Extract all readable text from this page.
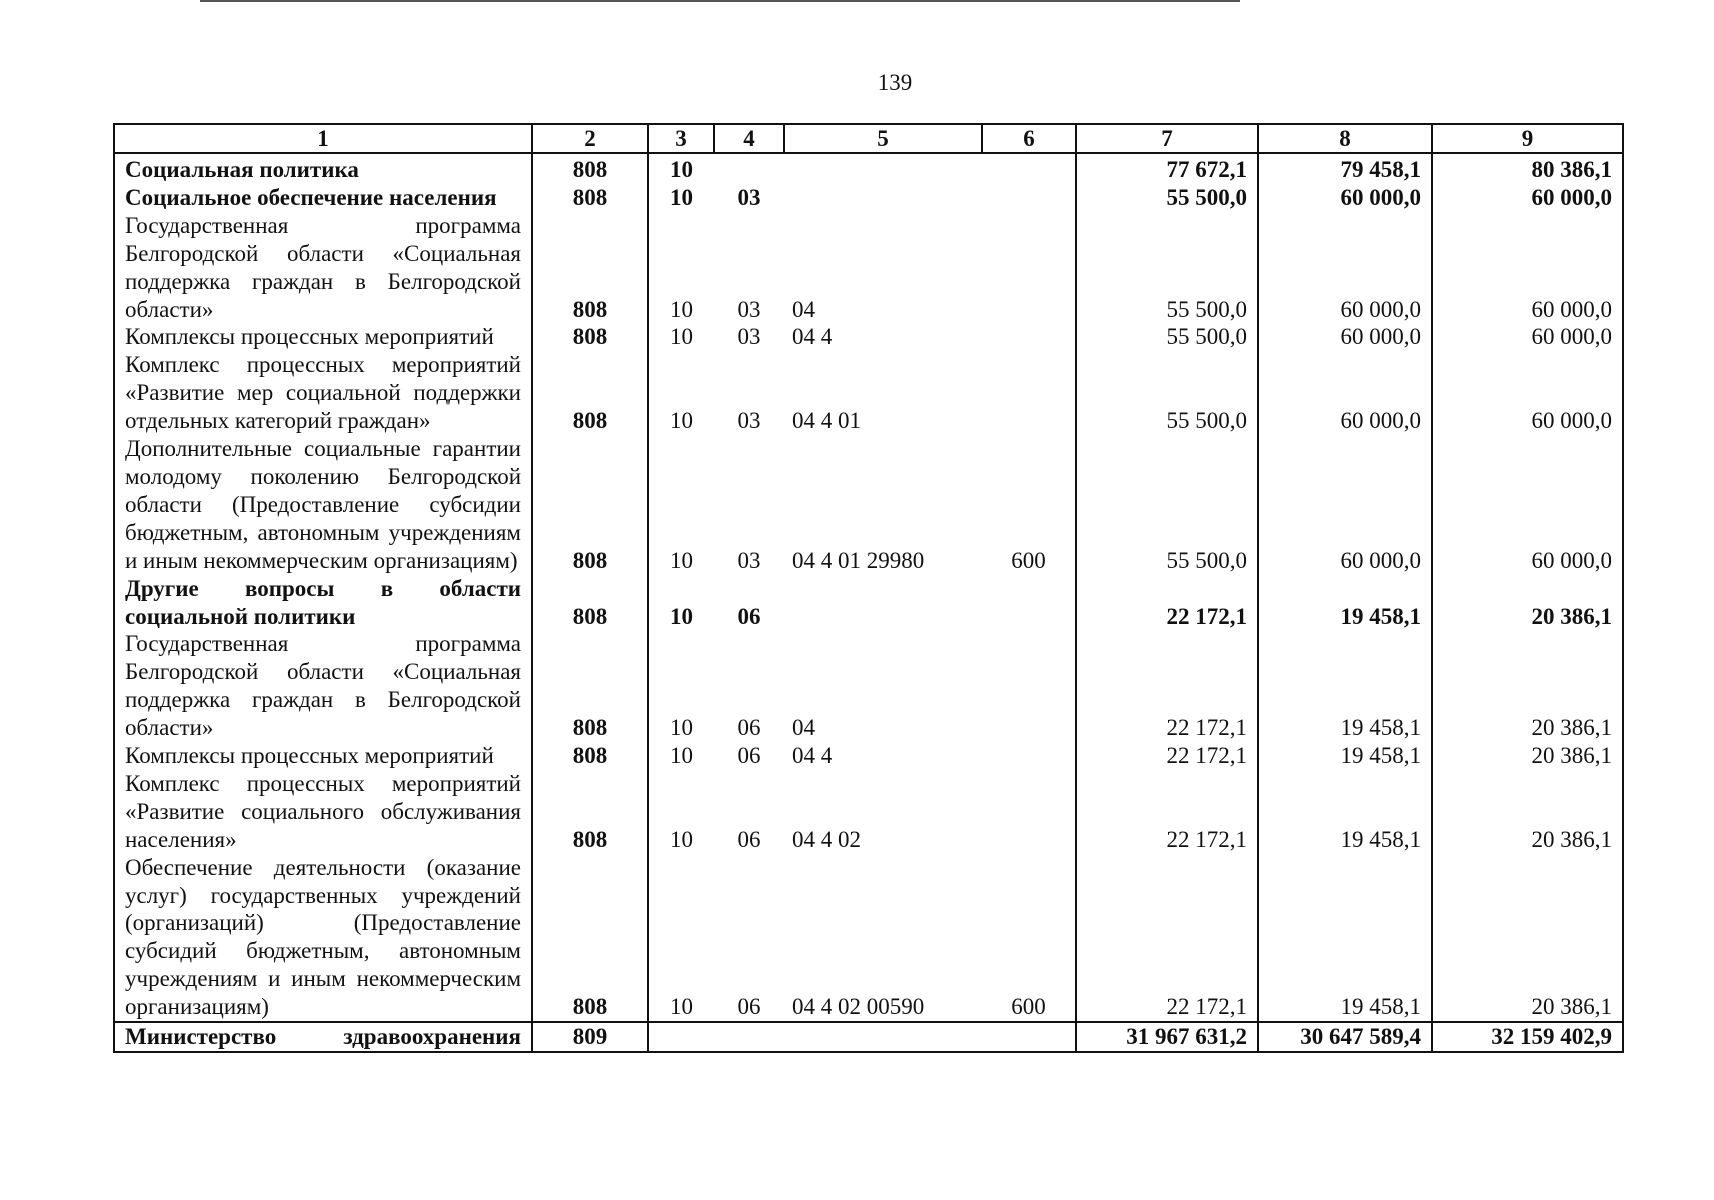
139
1	2	3	4	5	6	7	8	9
Социальная политика	808	10				77 672,1	79 458,1	80 386,1
Социальное обеспечение населения	808	10	03			55 500,0	60 000,0	60 000,0
Государственная программа Белгородской области «Социальная поддержка граждан в Белгородской области»	808	10	03	04		55 500,0	60 000,0	60 000,0
Комплексы процессных мероприятий	808	10	03	04 4		55 500,0	60 000,0	60 000,0
Комплекс процессных мероприятий «Развитие мер социальной поддержки отдельных категорий граждан»	808	10	03	04 4 01		55 500,0	60 000,0	60 000,0
Дополнительные социальные гарантии молодому поколению Белгородской области (Предоставление субсидии бюджетным, автономным учреждениям и иным некоммерческим организациям)	808	10	03	04 4 01 29980	600	55 500,0	60 000,0	60 000,0
Другие вопросы в области социальной политики	808	10	06			22 172,1	19 458,1	20 386,1
Государственная программа Белгородской области «Социальная поддержка граждан в Белгородской области»	808	10	06	04		22 172,1	19 458,1	20 386,1
Комплексы процессных мероприятий	808	10	06	04 4		22 172,1	19 458,1	20 386,1
Комплекс процессных мероприятий «Развитие социального обслуживания населения»	808	10	06	04 4 02		22 172,1	19 458,1	20 386,1
Обеспечение деятельности (оказание услуг) государственных учреждений (организаций) (Предоставление субсидий бюджетным, автономным учреждениям и иным некоммерческим организациям)	808	10	06	04 4 02 00590	600	22 172,1	19 458,1	20 386,1

Министерство здравоохранения	809					31 967 631,2	30 647 589,4	32 159 402,9
